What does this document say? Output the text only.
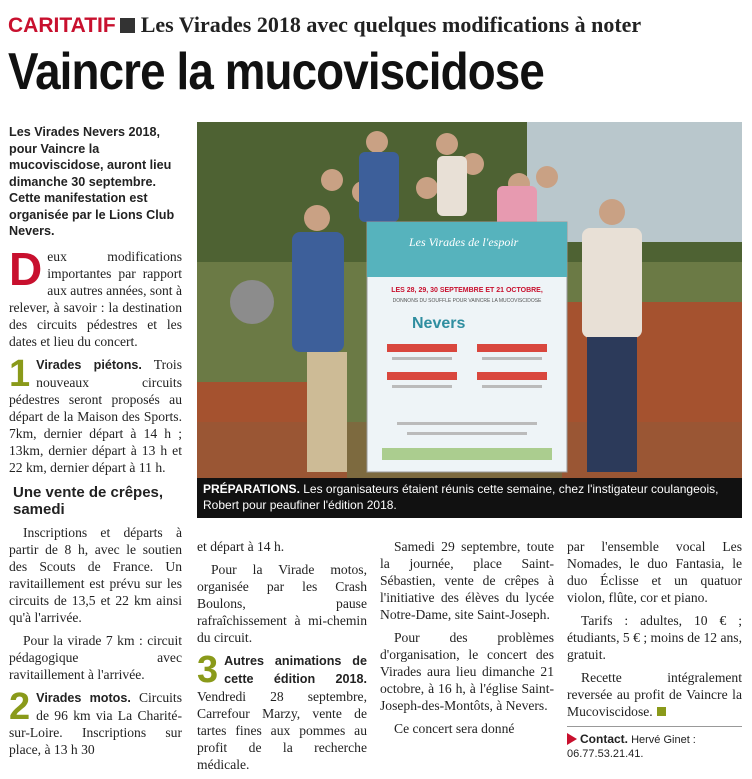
CARITATIF Les Virades 2018 avec quelques modifications à noter
Vaincre la mucoviscidose

Les Virades Nevers 2018, pour Vaincre la mucoviscidose, auront lieu dimanche 30 septembre. Cette manifestation est organisée par le Lions Club Nevers.

Deux modifications importantes par rapport aux autres années, sont à relever, à savoir : la destination des circuits pédestres et les dates et lieu du concert.

1 Virades piétons. Trois nouveaux circuits pédestres seront proposés au départ de la Maison des Sports. 7km, dernier départ à 14 h ; 13km, dernier départ à 13 h et 22 km, dernier départ à 11 h.

Une vente de crêpes, samedi

Inscriptions et départs à partir de 8 h, avec le soutien des Scouts de France. Un ravitaillement est prévu sur les circuits de 13,5 et 22 km ainsi qu'à l'arrivée.

Pour la virade 7 km : circuit pédagogique avec ravitaillement à l'arrivée.

2 Virades motos. Circuits de 96 km via La Charité-sur-Loire. Inscriptions sur place, à 13 h 30

Les Virades de l'espoir
LES 28, 29, 30 SEPTEMBRE ET 21 OCTOBRE,
DONNONS DU SOUFFLE POUR VAINCRE LA MUCOVISCIDOSE
Nevers
PRÉPARATIONS. Les organisateurs étaient réunis cette semaine, chez l'instigateur coulangeois, Robert pour peaufiner l'édition 2018.

et départ à 14 h.

Pour la Virade motos, organisée par les Crash Boulons, pause rafraîchissement à mi-chemin du circuit.

3 Autres animations de cette édition 2018. Vendredi 28 septembre, Carrefour Marzy, vente de tartes fines aux pommes au profit de la recherche médicale.

Samedi 29 septembre, toute la journée, place Saint-Sébastien, vente de crêpes à l'initiative des élèves du lycée Notre-Dame, site Saint-Joseph.

Pour des problèmes d'organisation, le concert des Virades aura lieu dimanche 21 octobre, à 16 h, à l'église Saint-Joseph-des-Montôts, à Nevers.

Ce concert sera donné

par l'ensemble vocal Les Nomades, le duo Fantasia, le duo Éclisse et un quatuor violon, flûte, cor et piano.

Tarifs : adultes, 10 € ; étudiants, 5 € ; moins de 12 ans, gratuit.

Recette intégralement reversée au profit de Vaincre la Mucoviscidose.

Contact. Hervé Ginet :
06.77.53.21.41.
